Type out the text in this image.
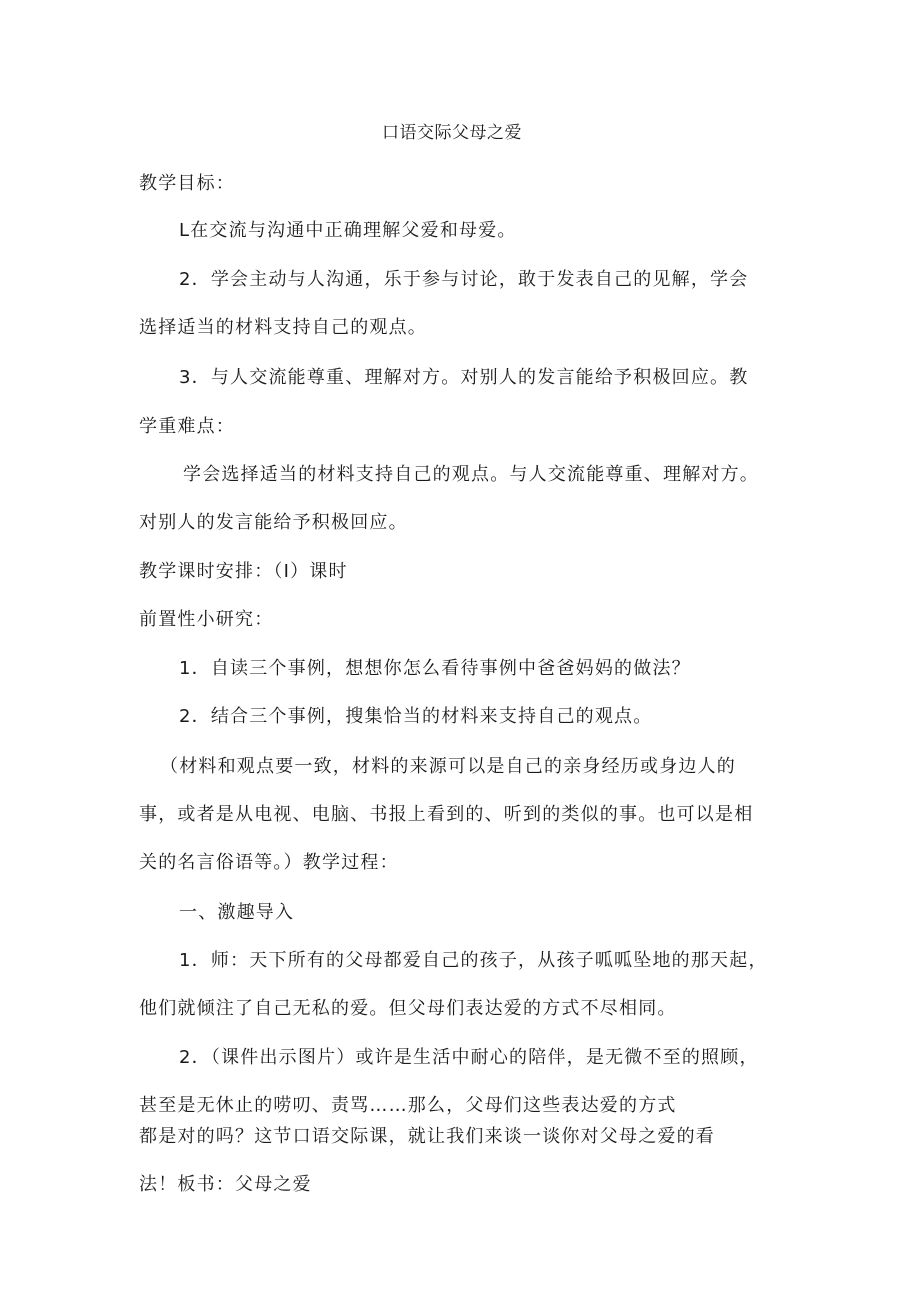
口语交际父母之爱
教学目标：
L在交流与沟通中正确理解父爱和母爱。
2．学会主动与人沟通，乐于参与讨论，敢于发表自己的见解，学会
选择适当的材料支持自己的观点。
3．与人交流能尊重、理解对方。对别人的发言能给予积极回应。教
学重难点：
学会选择适当的材料支持自己的观点。与人交流能尊重、理解对方。
对别人的发言能给予积极回应。
教学课时安排：（I）课时
前置性小研究：
1．自读三个事例，想想你怎么看待事例中爸爸妈妈的做法？
2．结合三个事例，搜集恰当的材料来支持自己的观点。
（材料和观点要一致，材料的来源可以是自己的亲身经历或身边人的
事，或者是从电视、电脑、书报上看到的、听到的类似的事。也可以是相
关的名言俗语等。）教学过程：
一、激趣导入
1．师：天下所有的父母都爱自己的孩子，从孩子呱呱坠地的那天起，
他们就倾注了自己无私的爱。但父母们表达爱的方式不尽相同。
2．（课件出示图片）或许是生活中耐心的陪伴，是无微不至的照顾，
甚至是无休止的唠叨、责骂……那么，父母们这些表达爱的方式
都是对的吗？这节口语交际课，就让我们来谈一谈你对父母之爱的看
法！板书：父母之爱
